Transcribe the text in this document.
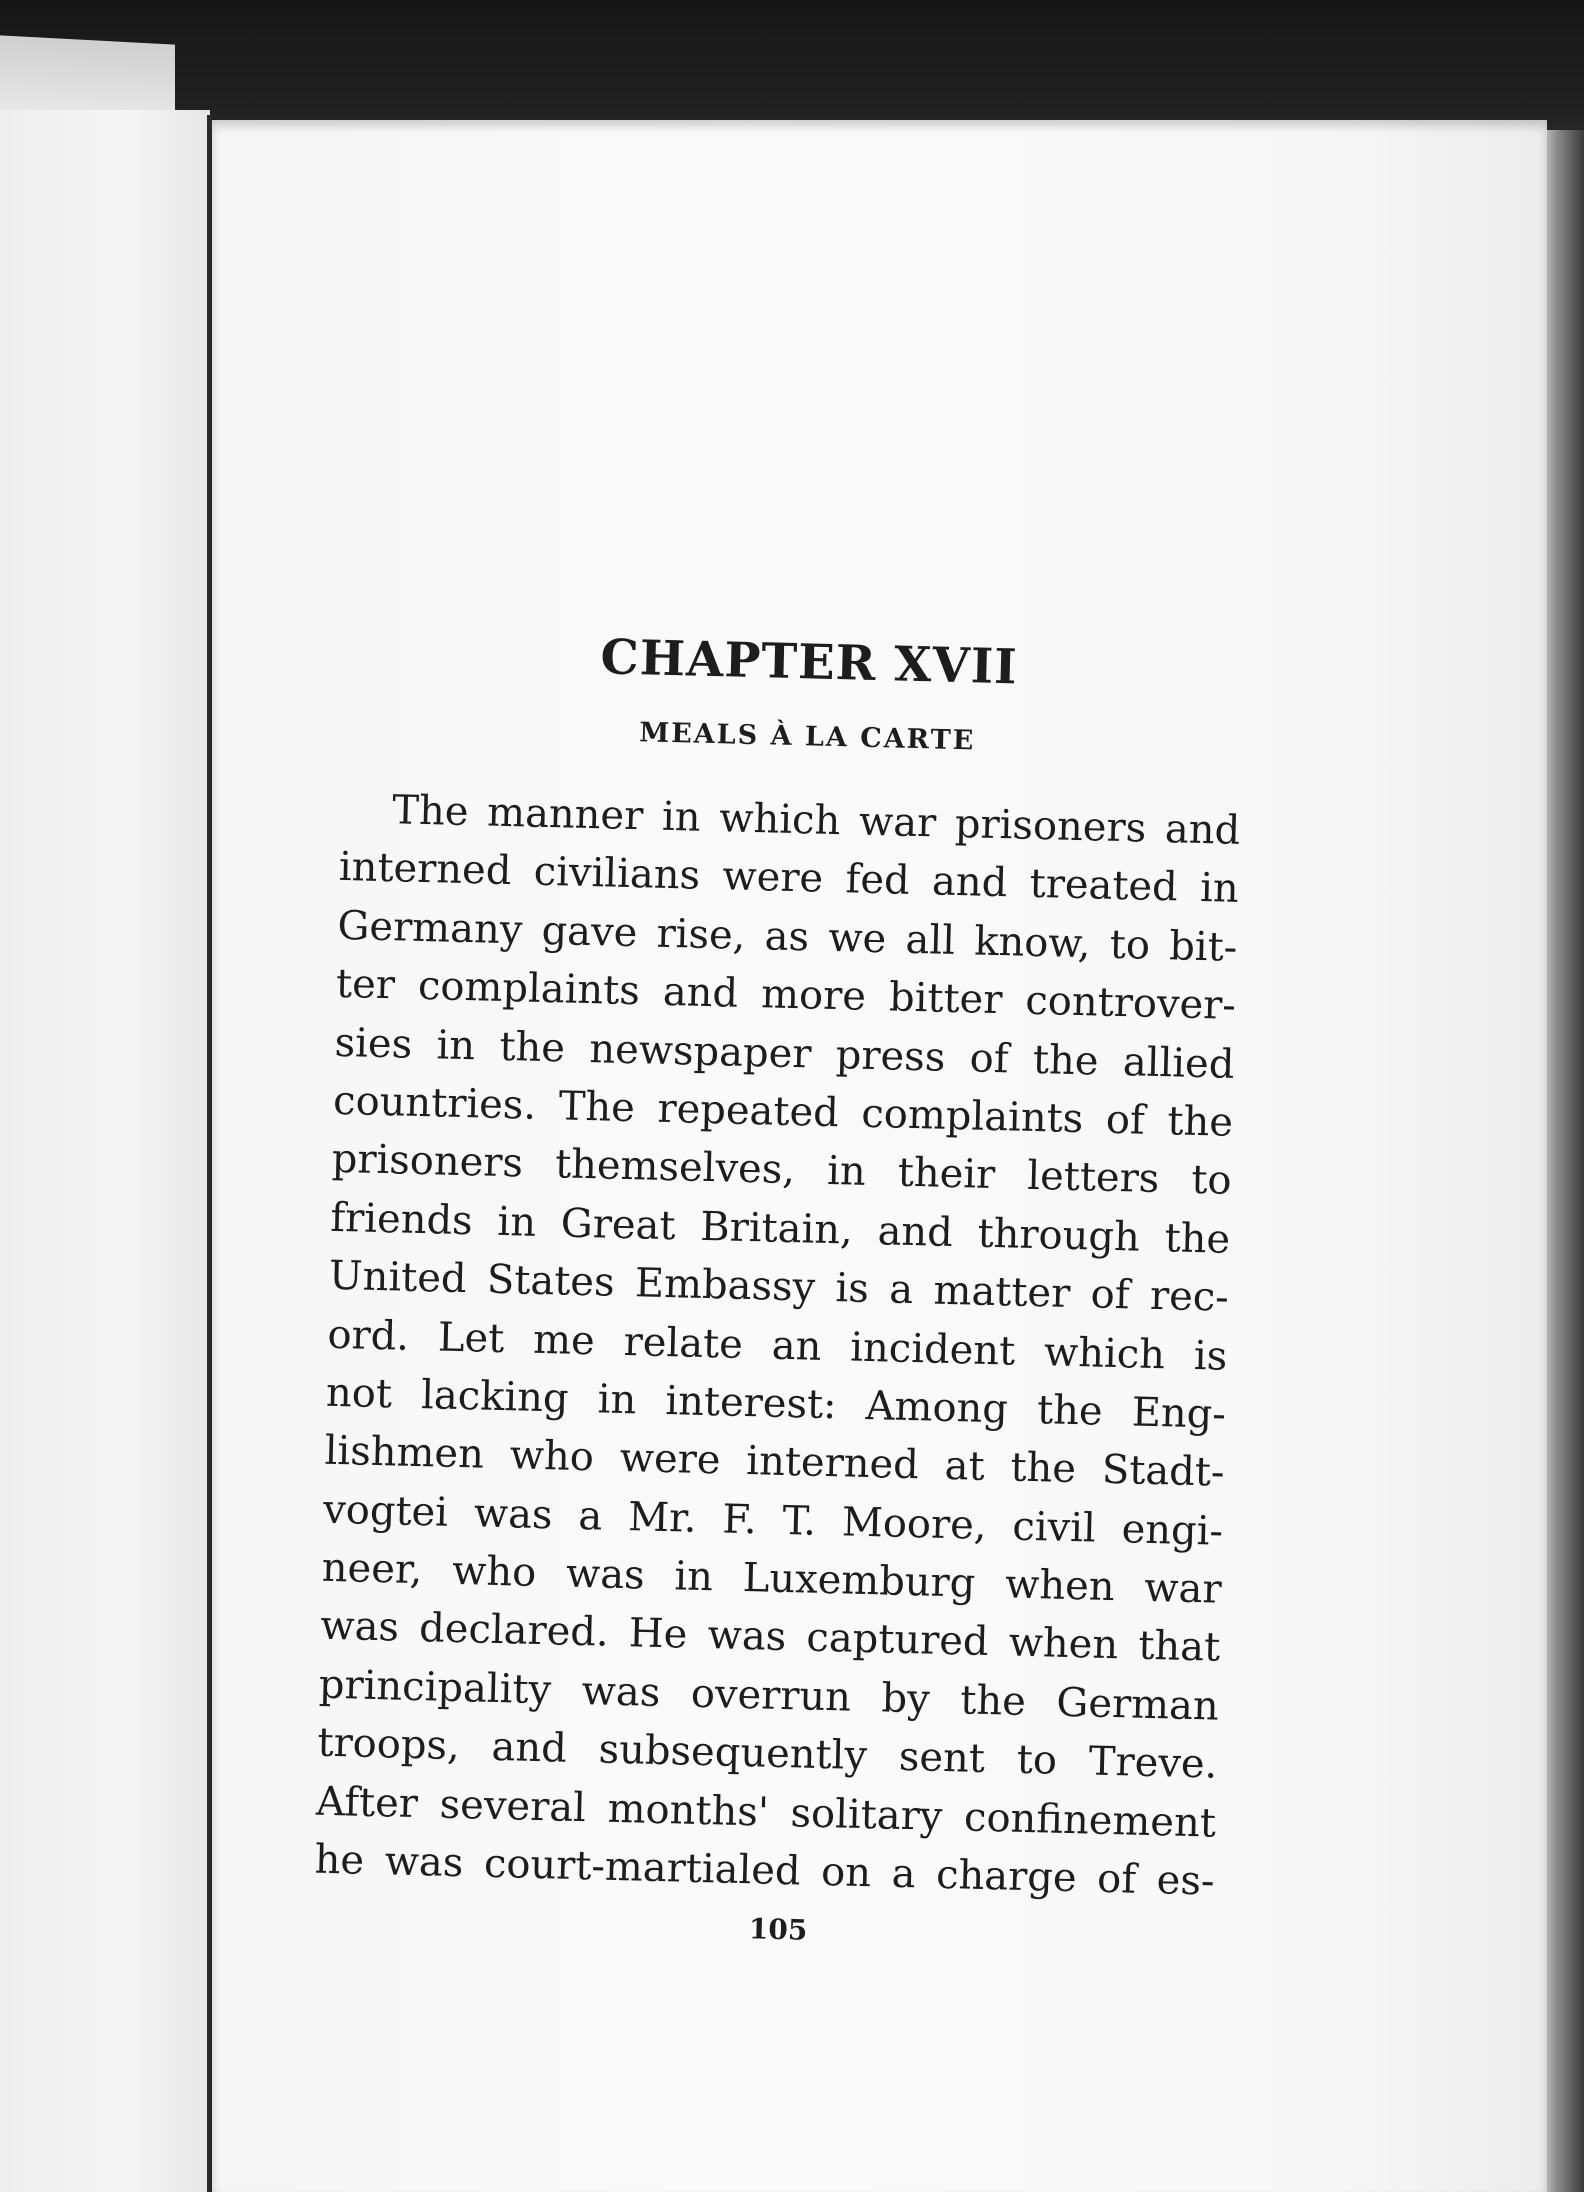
CHAPTER XVII
MEALS À LA CARTE
The manner in which war prisoners and
interned civilians were fed and treated in
Germany gave rise, as we all know, to bit-
ter complaints and more bitter controver-
sies in the newspaper press of the allied
countries. The repeated complaints of the
prisoners themselves, in their letters to
friends in Great Britain, and through the
United States Embassy is a matter of rec-
ord. Let me relate an incident which is
not lacking in interest: Among the Eng-
lishmen who were interned at the Stadt-
vogtei was a Mr. F. T. Moore, civil engi-
neer, who was in Luxemburg when war
was declared. He was captured when that
principality was overrun by the German
troops, and subsequently sent to Treve.
After several months' solitary confinement
he was court-martialed on a charge of es-
105
